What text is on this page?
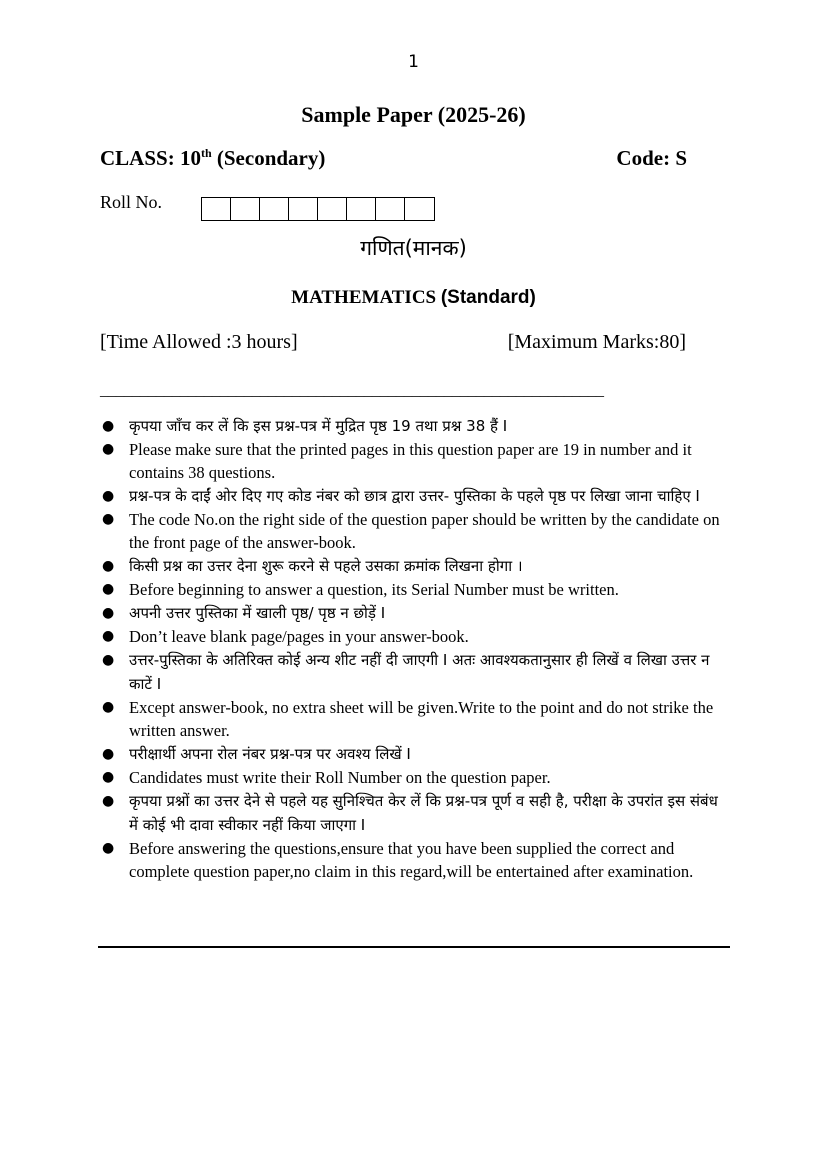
1
Sample Paper (2025-26)
CLASS: 10th (Secondary)	Code: S
Roll No.
गणित(मानक)
MATHEMATICS (Standard)
[Time Allowed :3 hours]	[Maximum Marks:80]
_______________________________________________________________
● कृपया जाँच कर लें कि इस प्रश्न-पत्र में मुद्रित पृष्ठ 19 तथा प्रश्न 38 हैं I
● Please make sure that the printed pages in this question paper are 19 in number and it contains 38 questions.
● प्रश्न-पत्र के दाईं ओर दिए गए कोड नंबर को छात्र द्वारा उत्तर- पुस्तिका के पहले पृष्ठ पर लिखा जाना चाहिए I
● The code No.on the right side of the question paper should be written by the candidate on the front page of the answer-book.
● किसी प्रश्न का उत्तर देना शुरू करने से पहले उसका क्रमांक लिखना होगा ।
● Before beginning to answer a question, its Serial Number must be written.
● अपनी उत्तर पुस्तिका में खाली पृष्ठ/ पृष्ठ न छोड़ें I
● Don’t leave blank page/pages in your answer-book.
● उत्तर-पुस्तिका के अतिरिक्त कोई अन्य शीट नहीं दी जाएगी I अतः आवश्यकतानुसार ही लिखें व लिखा उत्तर न काटें I
● Except answer-book, no extra sheet will be given.Write to the point and do not strike the written answer.
● परीक्षार्थी अपना रोल नंबर प्रश्न-पत्र पर अवश्य लिखें I
● Candidates must write their Roll Number on the question paper.
● कृपया प्रश्नों का उत्तर देने से पहले यह सुनिश्चित केर लें कि प्रश्न-पत्र पूर्ण व सही है, परीक्षा के उपरांत इस संबंध में कोई भी दावा स्वीकार नहीं किया जाएगा I
● Before answering the questions,ensure that you have been supplied the correct and complete question paper,no claim in this regard,will be entertained after examination.
